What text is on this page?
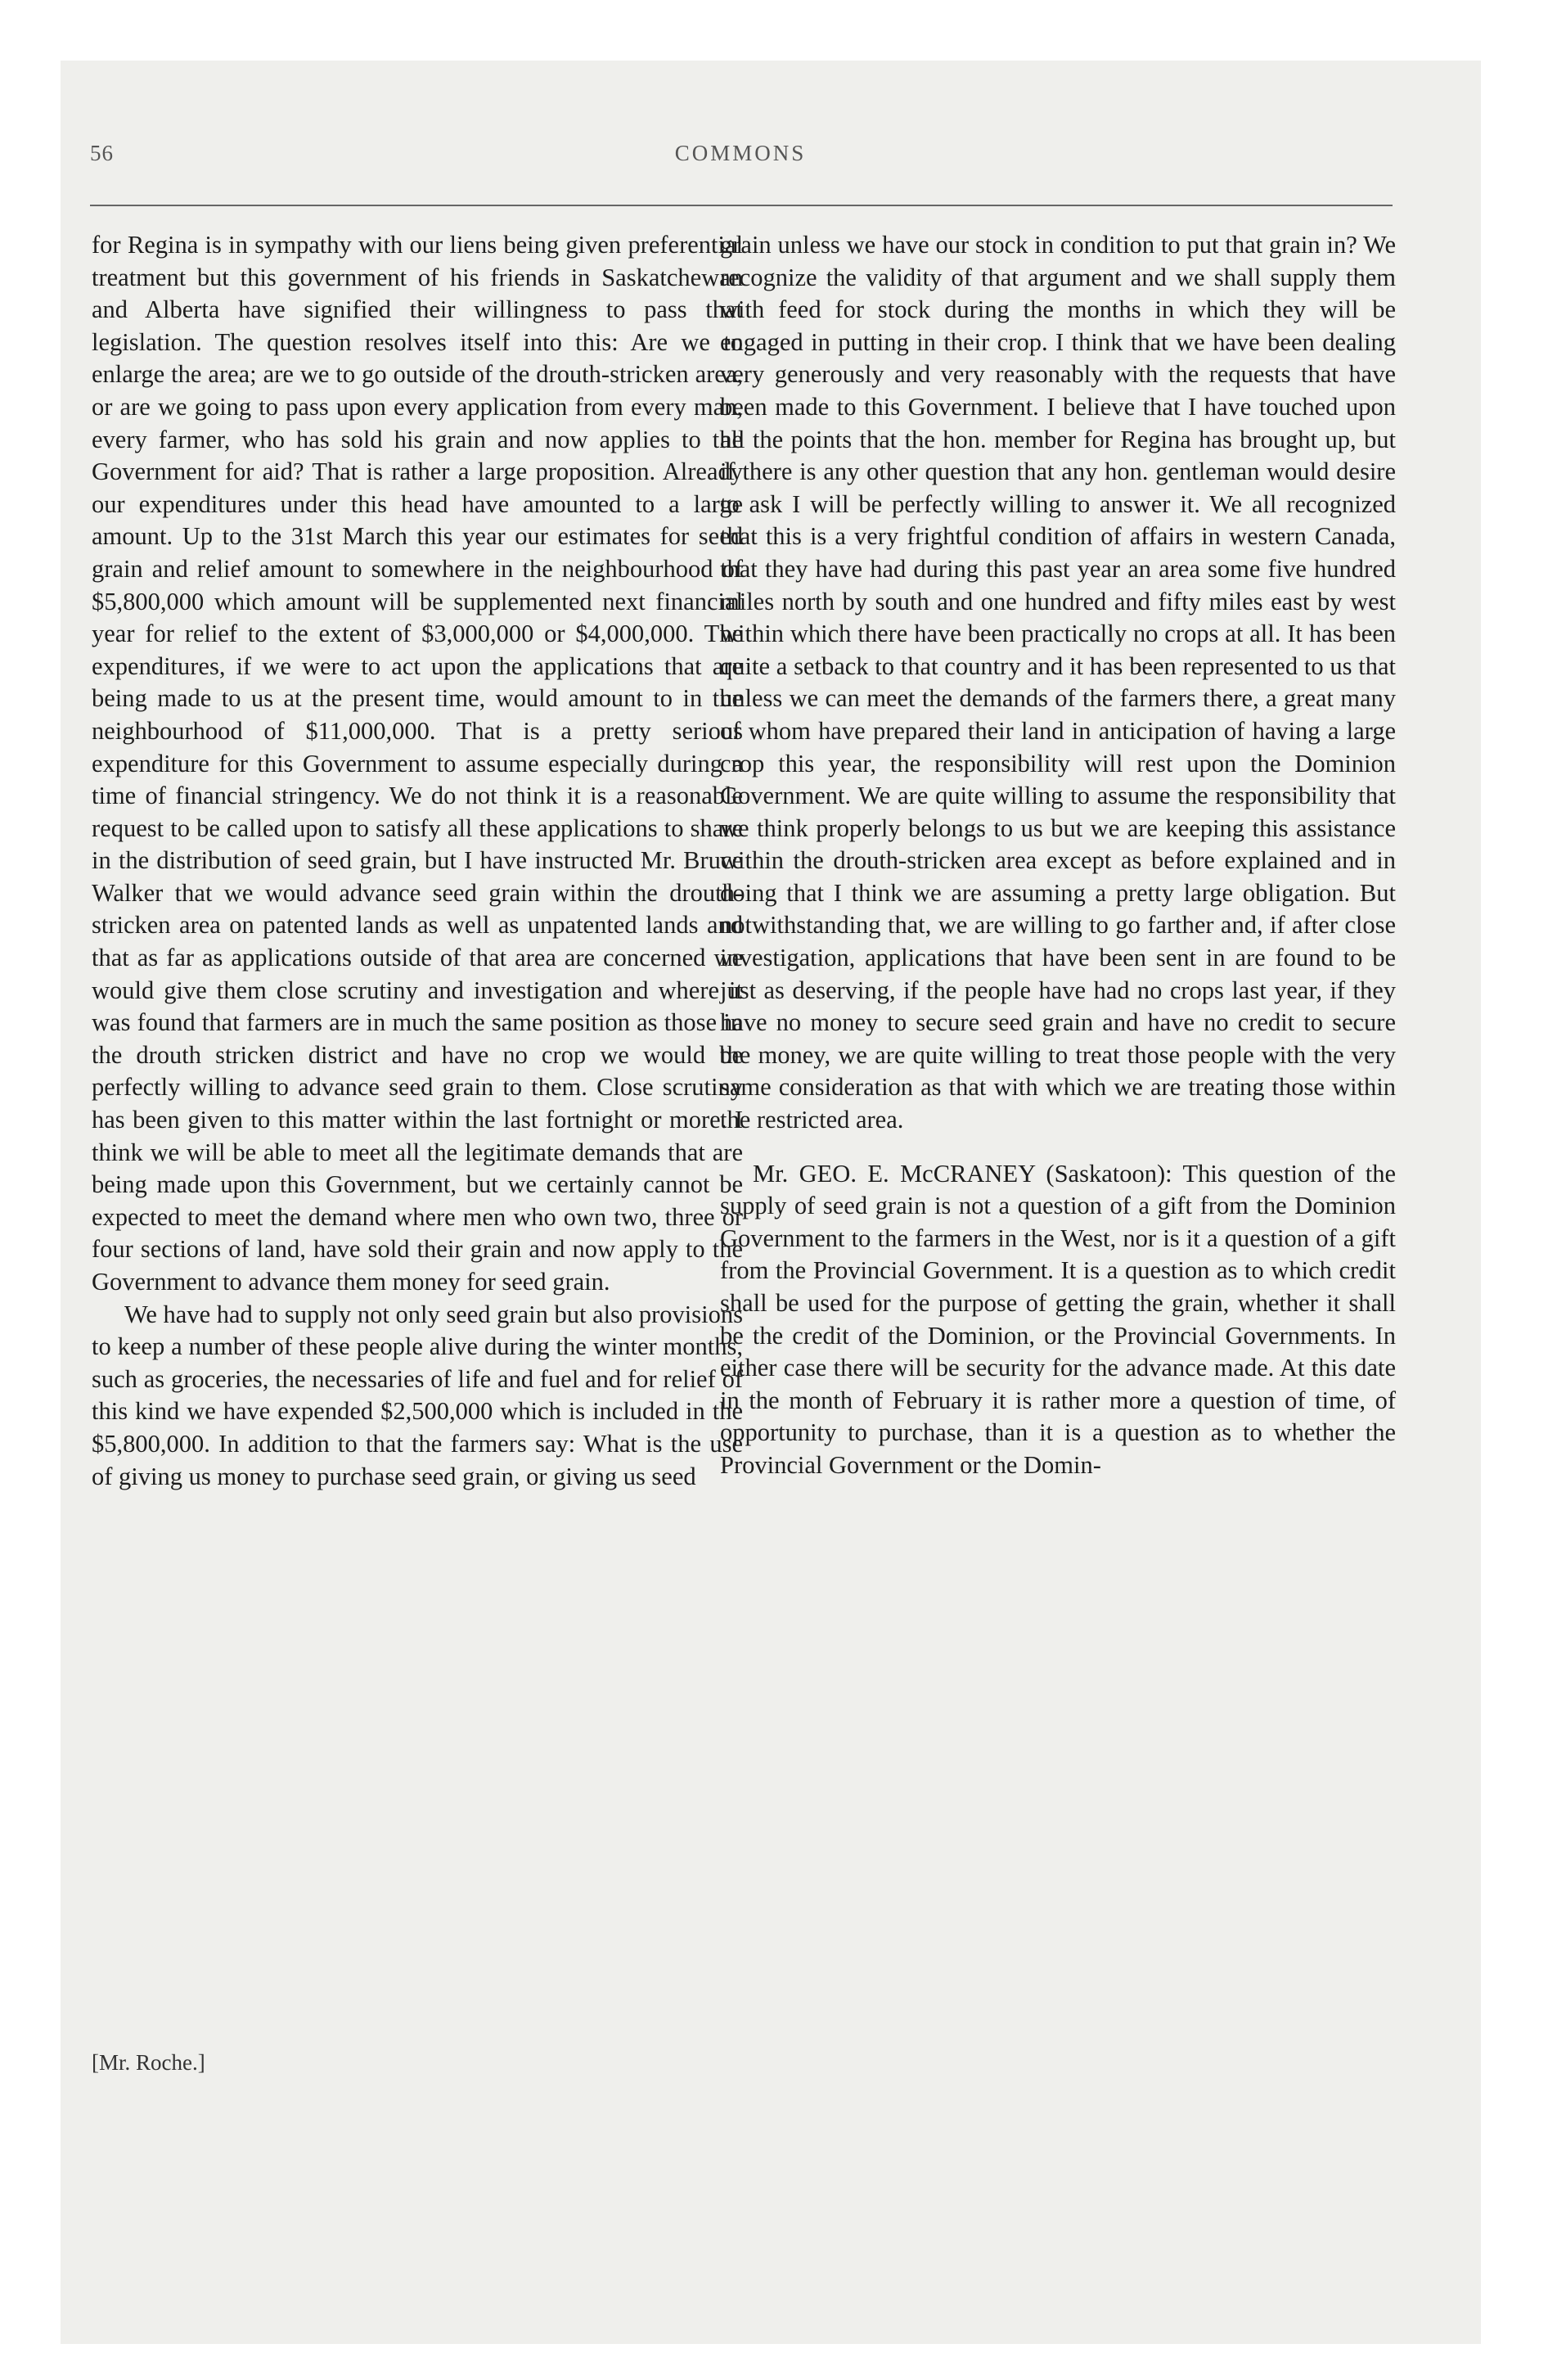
56	COMMONS

for Regina is in sympathy with our liens being given preferential treatment but this government of his friends in Saskatchewan and Alberta have signified their willingness to pass that legislation. The question resolves itself into this: Are we to enlarge the area; are we to go outside of the drouth-stricken area, or are we going to pass upon every application from every man, every farmer, who has sold his grain and now applies to the Government for aid? That is rather a large proposition. Already our expenditures under this head have amounted to a large amount. Up to the 31st March this year our estimates for seed grain and relief amount to somewhere in the neighbourhood of $5,800,000 which amount will be supplemented next financial year for relief to the extent of $3,000,000 or $4,000,000. The expenditures, if we were to act upon the applications that are being made to us at the present time, would amount to in the neighbourhood of $11,000,000. That is a pretty serious expenditure for this Government to assume especially during a time of financial stringency. We do not think it is a reasonable request to be called upon to satisfy all these applications to share in the distribution of seed grain, but I have instructed Mr. Bruce Walker that we would advance seed grain within the drouth-stricken area on patented lands as well as unpatented lands and that as far as applications outside of that area are concerned we would give them close scrutiny and investigation and where it was found that farmers are in much the same position as those in the drouth stricken district and have no crop we would be perfectly willing to advance seed grain to them. Close scrutiny has been given to this matter within the last fortnight or more. I think we will be able to meet all the legitimate demands that are being made upon this Government, but we certainly cannot be expected to meet the demand where men who own two, three or four sections of land, have sold their grain and now apply to the Government to advance them money for seed grain.

We have had to supply not only seed grain but also provisions to keep a number of these people alive during the winter months, such as groceries, the necessaries of life and fuel and for relief of this kind we have expended $2,500,000 which is included in the $5,800,000. In addition to that the farmers say: What is the use of giving us money to purchase seed grain, or giving us seed

grain unless we have our stock in condition to put that grain in? We recognize the validity of that argument and we shall supply them with feed for stock during the months in which they will be engaged in putting in their crop. I think that we have been dealing very generously and very reasonably with the requests that have been made to this Government. I believe that I have touched upon all the points that the hon. member for Regina has brought up, but if there is any other question that any hon. gentleman would desire to ask I will be perfectly willing to answer it. We all recognized that this is a very frightful condition of affairs in western Canada, that they have had during this past year an area some five hundred miles north by south and one hundred and fifty miles east by west within which there have been practically no crops at all. It has been quite a setback to that country and it has been represented to us that unless we can meet the demands of the farmers there, a great many of whom have prepared their land in anticipation of having a large crop this year, the responsibility will rest upon the Dominion Government. We are quite willing to assume the responsibility that we think properly belongs to us but we are keeping this assistance within the drouth-stricken area except as before explained and in doing that I think we are assuming a pretty large obligation. But notwithstanding that, we are willing to go farther and, if after close investigation, applications that have been sent in are found to be just as deserving, if the people have had no crops last year, if they have no money to secure seed grain and have no credit to secure the money, we are quite willing to treat those people with the very same consideration as that with which we are treating those within the restricted area.

Mr. GEO. E. McCRANEY (Saskatoon): This question of the supply of seed grain is not a question of a gift from the Dominion Government to the farmers in the West, nor is it a question of a gift from the Provincial Government. It is a question as to which credit shall be used for the purpose of getting the grain, whether it shall be the credit of the Dominion, or the Provincial Governments. In either case there will be security for the advance made. At this date in the month of February it is rather more a question of time, of opportunity to purchase, than it is a question as to whether the Provincial Government or the Domin-

[Mr. Roche.]
